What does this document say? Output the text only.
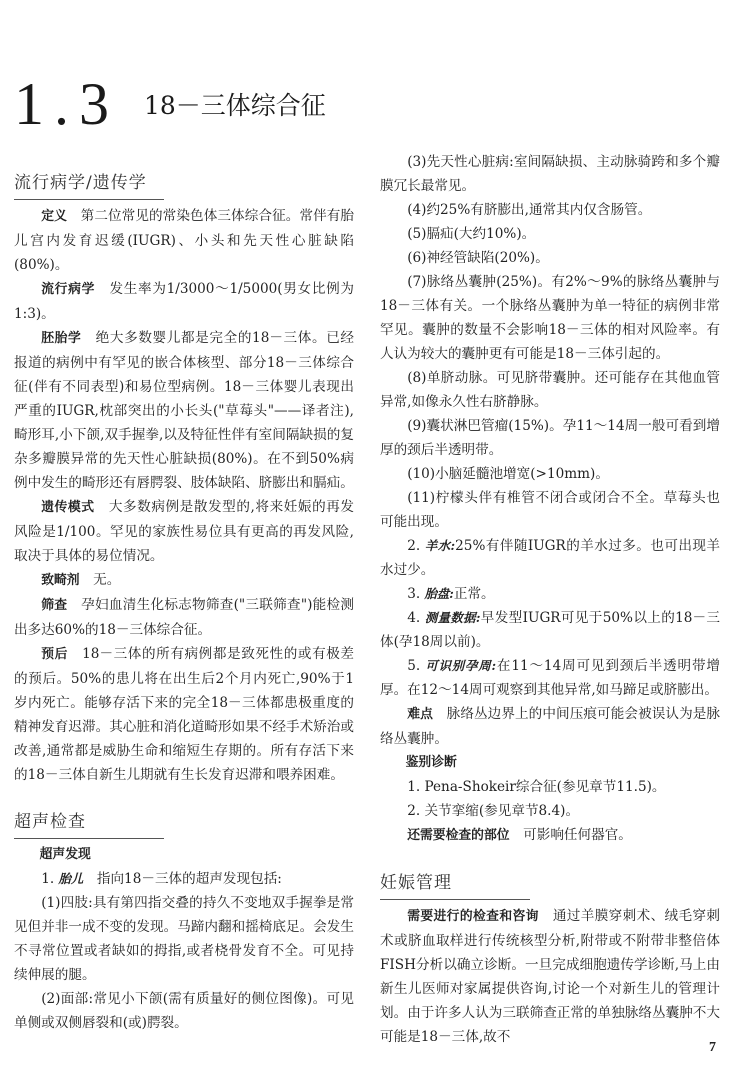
1.3 18－三体综合征
流行病学/遗传学

定义　 第二位常见的常染色体三体综合征。常伴有胎儿宫内发育迟缓(IUGR)、小头和先天性心脏缺陷(80%)。

流行病学　 发生率为1/3000～1/5000(男女比例为1:3)。

胚胎学　 绝大多数婴儿都是完全的18－三体。已经报道的病例中有罕见的嵌合体核型、部分18－三体综合征(伴有不同表型)和易位型病例。18－三体婴儿表现出严重的IUGR,枕部突出的小长头("草莓头"——译者注),畸形耳,小下颌,双手握拳,以及特征性伴有室间隔缺损的复杂多瓣膜异常的先天性心脏缺损(80%)。在不到50%病例中发生的畸形还有唇腭裂、肢体缺陷、脐膨出和膈疝。

遗传模式　 大多数病例是散发型的,将来妊娠的再发风险是1/100。罕见的家族性易位具有更高的再发风险,取决于具体的易位情况。

致畸剂　 无。

筛查　 孕妇血清生化标志物筛查("三联筛查")能检测出多达60%的18－三体综合征。

预后　 18－三体的所有病例都是致死性的或有极差的预后。50%的患儿将在出生后2个月内死亡,90%于1岁内死亡。能够存活下来的完全18－三体都患极重度的精神发育迟滞。其心脏和消化道畸形如果不经手术矫治或改善,通常都是威胁生命和缩短生存期的。所有存活下来的18－三体自新生儿期就有生长发育迟滞和喂养困难。

超声检查
超声发现

1. 胎儿　 指向18－三体的超声发现包括:

(1)四肢:具有第四指交叠的持久不变地双手握拳是常见但并非一成不变的发现。马蹄内翻和摇椅底足。会发生不寻常位置或者缺如的拇指,或者桡骨发育不全。可见持续伸展的腿。

(2)面部:常见小下颌(需有质量好的侧位图像)。可见单侧或双侧唇裂和(或)腭裂。

(3)先天性心脏病:室间隔缺损、主动脉骑跨和多个瓣膜冗长最常见。

(4)约25%有脐膨出,通常其内仅含肠管。

(5)膈疝(大约10%)。

(6)神经管缺陷(20%)。

(7)脉络丛囊肿(25%)。有2%～9%的脉络丛囊肿与18－三体有关。一个脉络丛囊肿为单一特征的病例非常罕见。囊肿的数量不会影响18－三体的相对风险率。有人认为较大的囊肿更有可能是18－三体引起的。

(8)单脐动脉。可见脐带囊肿。还可能存在其他血管异常,如像永久性右脐静脉。

(9)囊状淋巴管瘤(15%)。孕11～14周一般可看到增厚的颈后半透明带。

(10)小脑延髓池增宽(>10mm)。

(11)柠檬头伴有椎管不闭合或闭合不全。草莓头也可能出现。

2. 羊水:25%有伴随IUGR的羊水过多。也可出现羊水过少。

3. 胎盘:正常。

4. 测量数据:早发型IUGR可见于50%以上的18－三体(孕18周以前)。

5. 可识别孕周:在11～14周可见到颈后半透明带增厚。在12～14周可观察到其他异常,如马蹄足或脐膨出。

难点　 脉络丛边界上的中间压痕可能会被误认为是脉络丛囊肿。

鉴别诊断

1. Pena-Shokeir综合征(参见章节11.5)。

2. 关节挛缩(参见章节8.4)。

还需要检查的部位　 可影响任何器官。

妊娠管理

需要进行的检查和咨询　 通过羊膜穿刺术、绒毛穿刺术或脐血取样进行传统核型分析,附带或不附带非整倍体FISH分析以确立诊断。一旦完成细胞遗传学诊断,马上由新生儿医师对家属提供咨询,讨论一个对新生儿的管理计划。由于许多人认为三联筛查正常的单独脉络丛囊肿不大可能是18－三体,故不

7
